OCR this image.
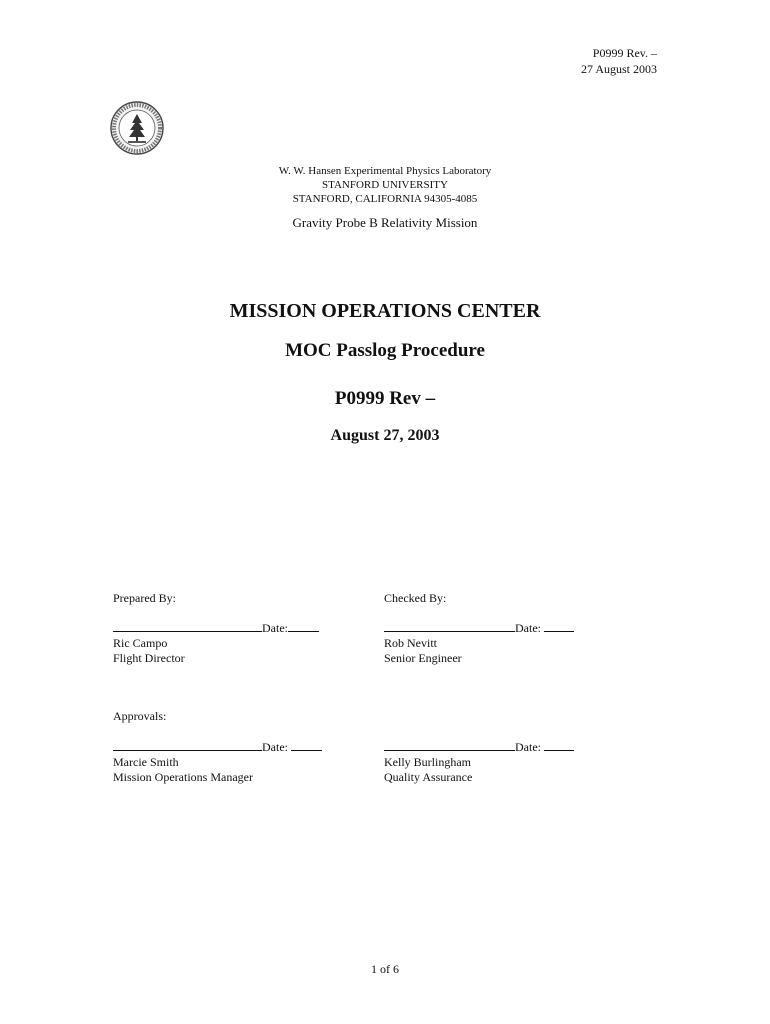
P0999 Rev. –
27 August 2003
W. W. Hansen Experimental Physics Laboratory
STANFORD UNIVERSITY
STANFORD, CALIFORNIA 94305-4085
Gravity Probe B Relativity Mission
MISSION OPERATIONS CENTER
MOC Passlog Procedure
P0999 Rev –
August 27, 2003
Prepared By:	Checked By:
Date:
Ric Campo
Flight Director
Date:
Rob Nevitt
Senior Engineer
Approvals:
Date:
Marcie Smith
Mission Operations Manager
Date:
Kelly Burlingham
Quality Assurance
1 of 6
